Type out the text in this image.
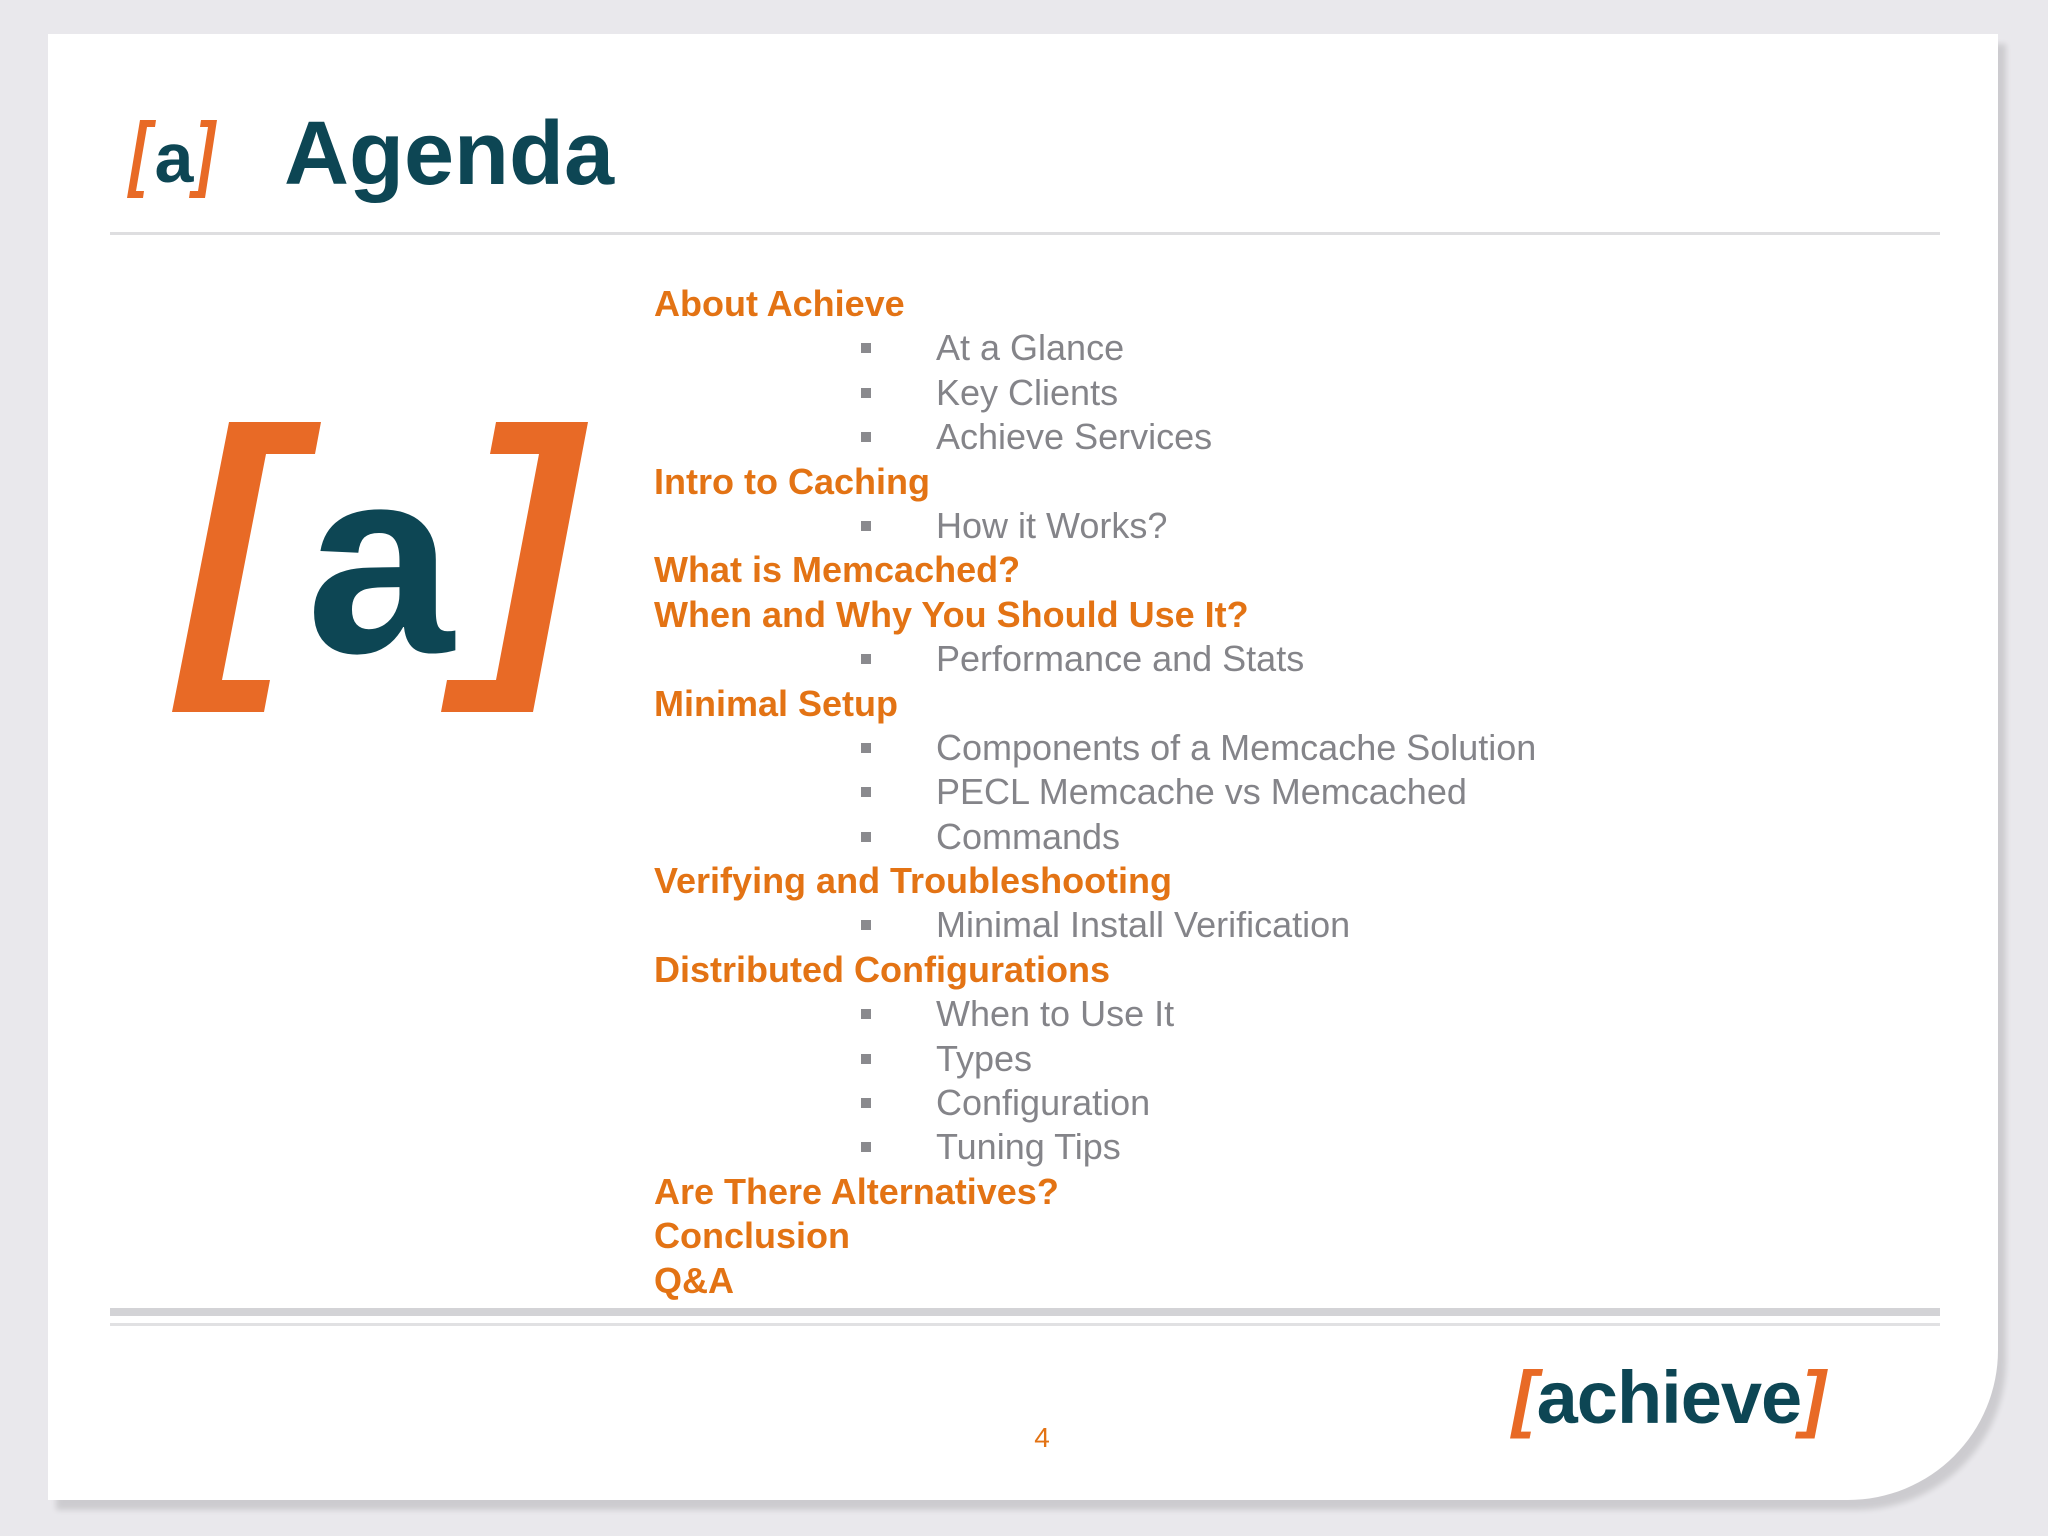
a Agenda
a
About Achieve
At a Glance
Key Clients
Achieve Services
Intro to Caching
How it Works?
What is Memcached?
When and Why You Should Use It?
Performance and Stats
Minimal Setup
Components of a Memcache Solution
PECL Memcache vs Memcached
Commands
Verifying and Troubleshooting
Minimal Install Verification
Distributed Configurations
When to Use It
Types
Configuration
Tuning Tips
Are There Alternatives?
Conclusion
Q&A
4	[achieve]
